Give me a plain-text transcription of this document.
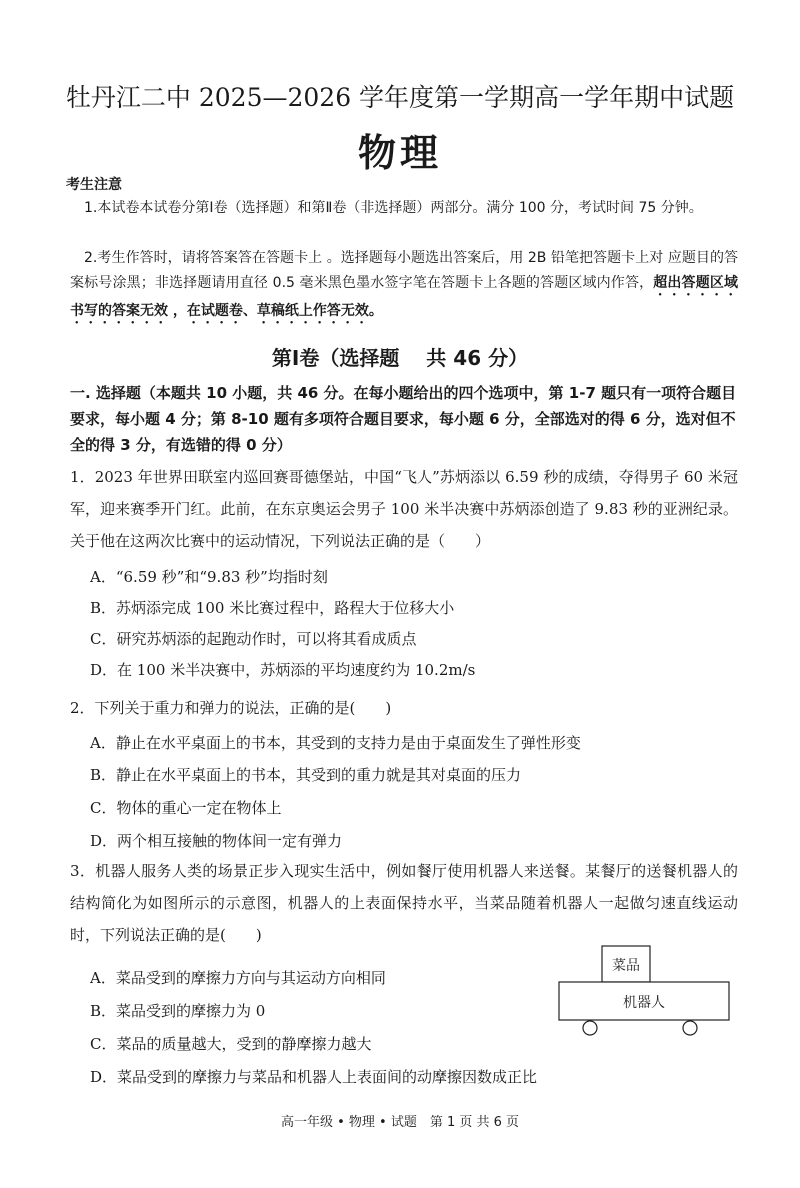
牡丹江二中 2025—2026 学年度第一学期高一学年期中试题
物理
考生注意
1.本试卷本试卷分第Ⅰ卷（选择题）和第Ⅱ卷（非选择题）两部分。满分 100 分，考试时间 75 分钟。
2.考生作答时，请将答案答在答题卡上 。选择题每小题选出答案后，用 2B 铅笔把答题卡上对 应题目的答案标号涂黑；非选择题请用直径 0.5 毫米黑色墨水签字笔在答题卡上各题的答题区域内作答，超出答题区域书写的答案无效 ，在试题卷、草稿纸上作答无效。
第Ⅰ卷（选择题　 共 46 分）
一. 选择题（本题共 10 小题，共 46 分。在每小题给出的四个选项中，第 1-7 题只有一项符合题目要求，每小题 4 分；第 8-10 题有多项符合题目要求，每小题 6 分，全部选对的得 6 分，选对但不全的得 3 分，有选错的得 0 分）
1．2023 年世界田联室内巡回赛哥德堡站，中国“飞人”苏炳添以 6.59 秒的成绩，夺得男子 60 米冠军，迎来赛季开门红。此前，在东京奥运会男子 100 米半决赛中苏炳添创造了 9.83 秒的亚洲纪录。关于他在这两次比赛中的运动情况，下列说法正确的是（　　）
A．“6.59 秒”和“9.83 秒”均指时刻
B．苏炳添完成 100 米比赛过程中，路程大于位移大小
C．研究苏炳添的起跑动作时，可以将其看成质点
D．在 100 米半决赛中，苏炳添的平均速度约为 10.2m/s
2．下列关于重力和弹力的说法，正确的是(　　)
A．静止在水平桌面上的书本，其受到的支持力是由于桌面发生了弹性形变
B．静止在水平桌面上的书本，其受到的重力就是其对桌面的压力
C．物体的重心一定在物体上
D．两个相互接触的物体间一定有弹力
3．机器人服务人类的场景正步入现实生活中，例如餐厅使用机器人来送餐。某餐厅的送餐机器人的结构简化为如图所示的示意图，机器人的上表面保持水平，当菜品随着机器人一起做匀速直线运动时，下列说法正确的是(　　)
A．菜品受到的摩擦力方向与其运动方向相同
B．菜品受到的摩擦力为 0
C．菜品的质量越大，受到的静摩擦力越大
D．菜品受到的摩擦力与菜品和机器人上表面间的动摩擦因数成正比
菜品
机器人
高一年级 • 物理 • 试题　第 1 页 共 6 页
